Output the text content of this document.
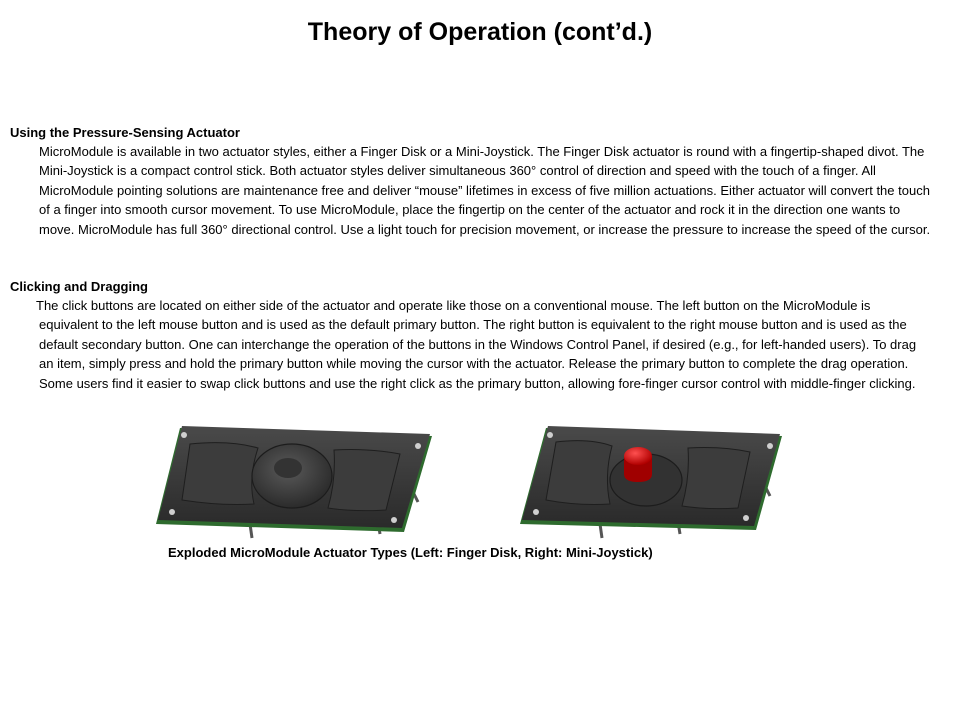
Theory of Operation (cont’d.)
Using the Pressure-Sensing Actuator

MicroModule is available in two actuator styles, either a Finger Disk or a Mini-Joystick. The Finger Disk actuator is round with a fingertip-shaped divot. The Mini-Joystick is a compact control stick. Both actuator styles deliver simultaneous 360° control of direction and speed with the touch of a finger. All MicroModule pointing solutions are maintenance free and deliver “mouse” lifetimes in excess of five million actuations. Either actuator will convert the touch of a finger into smooth cursor movement. To use MicroModule, place the fingertip on the center of the actuator and rock it in the direction one wants to move. MicroModule has full 360° directional control. Use a light touch for precision movement, or increase the pressure to increase the speed of the cursor.

Clicking and Dragging

The click buttons are located on either side of the actuator and operate like those on a conventional mouse. The left button on the MicroModule is equivalent to the left mouse button and is used as the default primary button. The right button is equivalent to the right mouse button and is used as the default secondary button. One can interchange the operation of the buttons in the Windows Control Panel, if desired (e.g., for left-handed users). To drag an item, simply press and hold the primary button while moving the cursor with the actuator. Release the primary button to complete the drag operation. Some users find it easier to swap click buttons and use the right click as the primary button, allowing fore-finger cursor control with middle-finger clicking.

Exploded MicroModule Actuator Types (Left: Finger Disk, Right: Mini-Joystick)
